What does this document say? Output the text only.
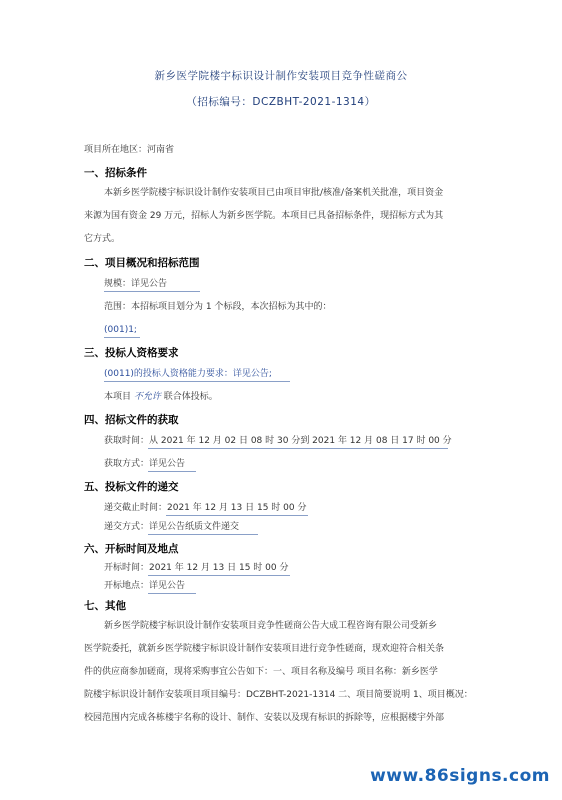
新乡医学院楼宇标识设计制作安装项目竞争性磋商公
（招标编号：DCZBHT-2021-1314）
项目所在地区：河南省
一、招标条件
本新乡医学院楼宇标识设计制作安装项目已由项目审批/核准/备案机关批准，项目资金
来源为国有资金 29 万元，招标人为新乡医学院。本项目已具备招标条件，现招标方式为其
它方式。
二、项目概况和招标范围
规模：详见公告
范围：本招标项目划分为 1 个标段，本次招标为其中的：
(001)1;
三、投标人资格要求
(0011)的投标人资格能力要求：详见公告;
本项目 不允许 联合体投标。
四、招标文件的获取
获取时间：从 2021 年 12 月 02 日 08 时 30 分到 2021 年 12 月 08 日 17 时 00 分
获取方式：详见公告
五、投标文件的递交
递交截止时间：2021 年 12 月 13 日 15 时 00 分
递交方式：详见公告纸质文件递交
六、开标时间及地点
开标时间：2021 年 12 月 13 日 15 时 00 分
开标地点：详见公告
七、其他
新乡医学院楼宇标识设计制作安装项目竞争性磋商公告大成工程咨询有限公司受新乡
医学院委托，就新乡医学院楼宇标识设计制作安装项目进行竞争性磋商，现欢迎符合相关条
件的供应商参加磋商，现将采购事宜公告如下：一、项目名称及编号 项目名称：新乡医学
院楼宇标识设计制作安装项目项目编号：DCZBHT-2021-1314 二、项目简要说明 1、项目概况：
校园范围内完成各栋楼宇名称的设计、制作、安装以及现有标识的拆除等，应根据楼宇外部
www.86signs.com
